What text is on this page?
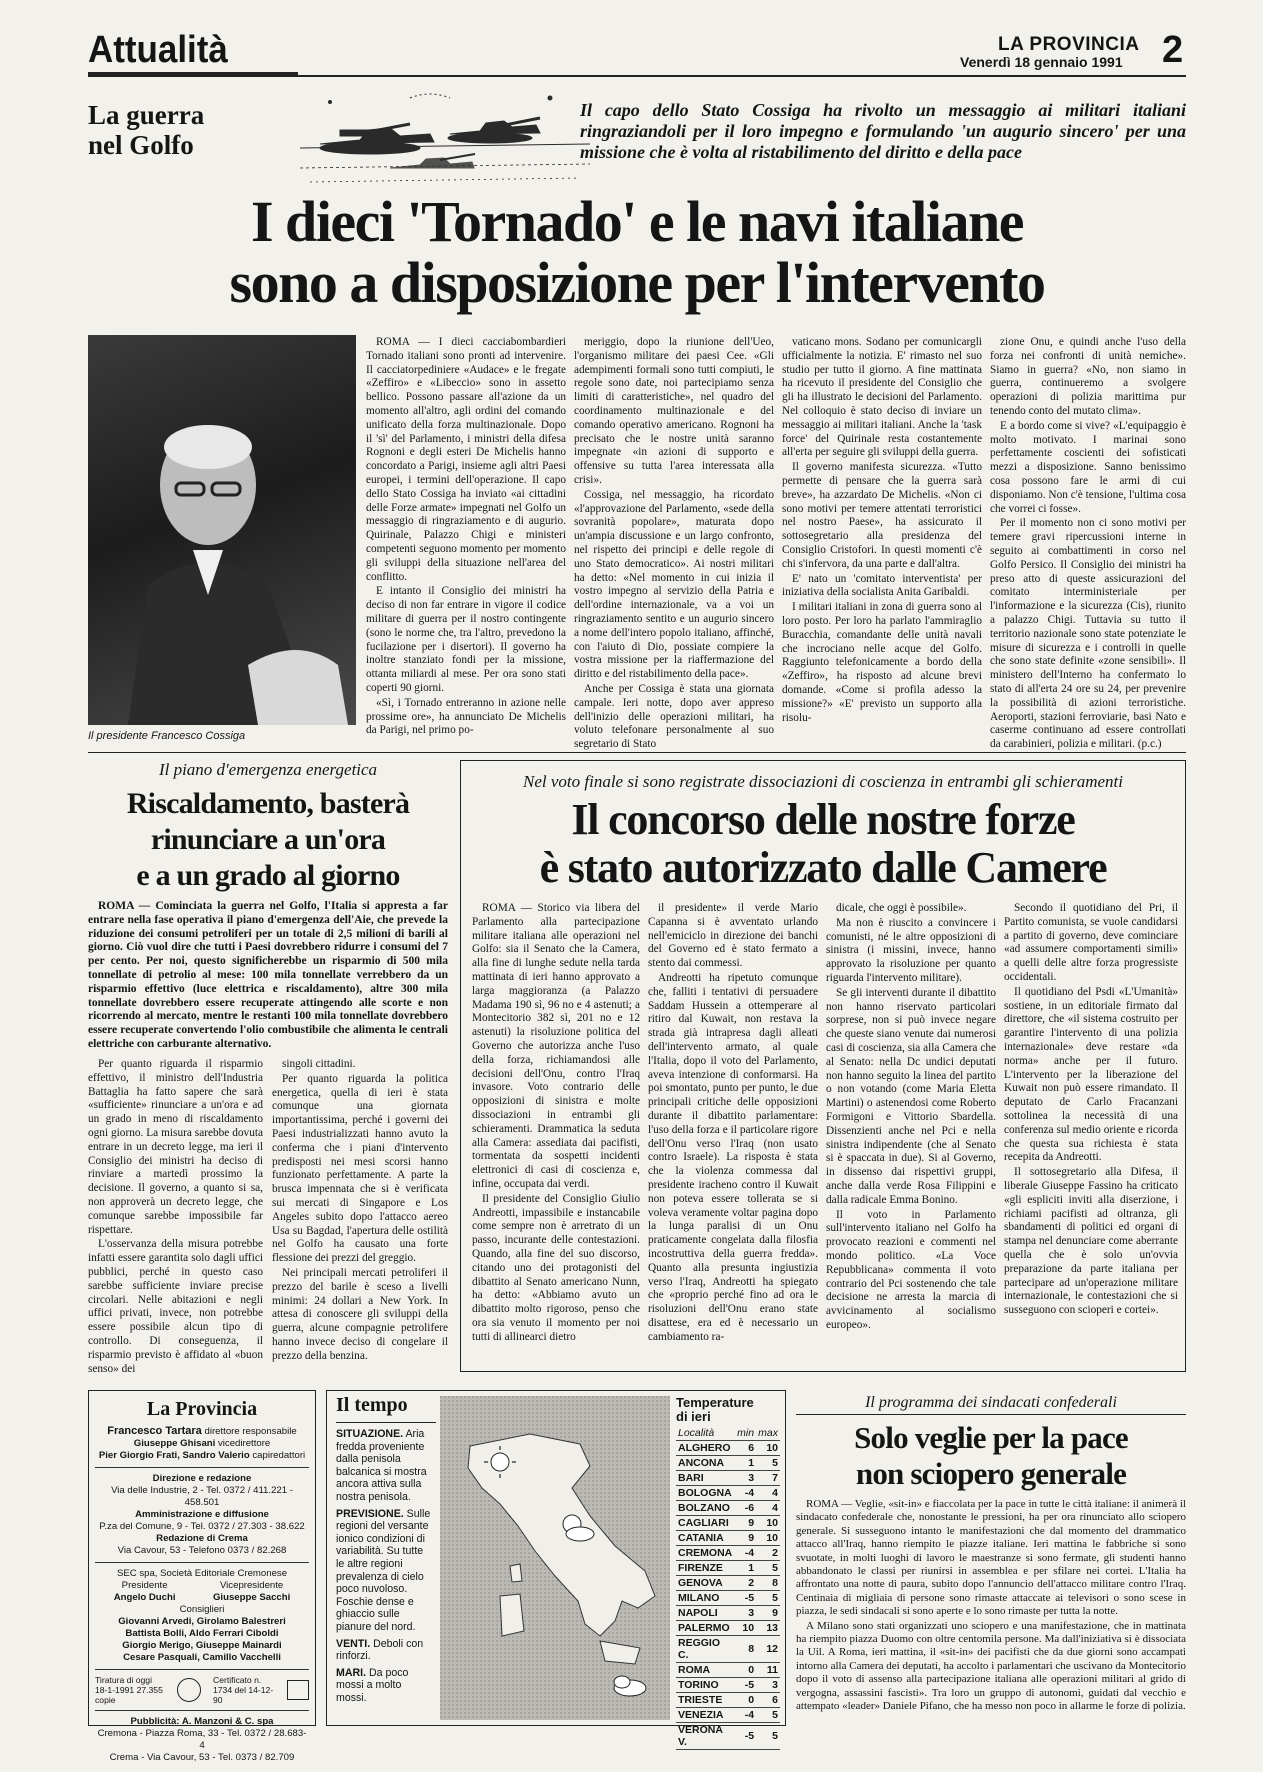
Attualità	LA PROVINCIA
Venerdì 18 gennaio 1991 2
La guerra
nel Golfo
Il capo dello Stato Cossiga ha rivolto un messaggio ai militari italiani ringraziandoli per il loro impegno e formulando 'un augurio sincero' per una missione che è volta al ristabilimento del diritto e della pace
I dieci 'Tornado' e le navi italiane
sono a disposizione per l'intervento
Il presidente Francesco Cossiga

ROMA — I dieci cacciabombardieri Tornado italiani sono pronti ad intervenire. Il cacciatorpediniere «Audace» e le fregate «Zeffiro» e «Libeccio» sono in assetto bellico. Possono passare all'azione da un momento all'altro, agli ordini del comando unificato della forza multinazionale. Dopo il 'sì' del Parlamento, i ministri della difesa Rognoni e degli esteri De Michelis hanno concordato a Parigi, insieme agli altri Paesi europei, i termini dell'operazione. Il capo dello Stato Cossiga ha inviato «ai cittadini delle Forze armate» impegnati nel Golfo un messaggio di ringraziamento e di augurio. Quirinale, Palazzo Chigi e ministeri competenti seguono momento per momento gli sviluppi della situazione nell'area del conflitto.

E intanto il Consiglio dei ministri ha deciso di non far entrare in vigore il codice militare di guerra per il nostro contingente (sono le norme che, tra l'altro, prevedono la fucilazione per i disertori). Il governo ha inoltre stanziato fondi per la missione, ottanta miliardi al mese. Per ora sono stati coperti 90 giorni.

«Sì, i Tornado entreranno in azione nelle prossime ore», ha annunciato De Michelis da Parigi, nel primo po-

meriggio, dopo la riunione dell'Ueo, l'organismo militare dei paesi Cee. «Gli adempimenti formali sono tutti compiuti, le regole sono date, noi partecipiamo senza limiti di caratteristiche», nel quadro del coordinamento multinazionale e del comando operativo americano. Rognoni ha precisato che le nostre unità saranno impegnate «in azioni di supporto e offensive su tutta l'area interessata alla crisi».

Cossiga, nel messaggio, ha ricordato «l'approvazione del Parlamento, «sede della sovranità popolare», maturata dopo un'ampia discussione e un largo confronto, nel rispetto dei principi e delle regole di uno Stato democratico». Ai nostri militari ha detto: «Nel momento in cui inizia il vostro impegno al servizio della Patria e dell'ordine internazionale, va a voi un ringraziamento sentito e un augurio sincero a nome dell'intero popolo italiano, affinché, con l'aiuto di Dio, possiate compiere la vostra missione per la riaffermazione del diritto e del ristabilimento della pace».

Anche per Cossiga è stata una giornata campale. Ieri notte, dopo aver appreso dell'inizio delle operazioni militari, ha voluto telefonare personalmente al suo segretario di Stato

vaticano mons. Sodano per comunicargli ufficialmente la notizia. E' rimasto nel suo studio per tutto il giorno. A fine mattinata ha ricevuto il presidente del Consiglio che gli ha illustrato le decisioni del Parlamento. Nel colloquio è stato deciso di inviare un messaggio ai militari italiani. Anche la 'task force' del Quirinale resta costantemente all'erta per seguire gli sviluppi della guerra.

Il governo manifesta sicurezza. «Tutto permette di pensare che la guerra sarà breve», ha azzardato De Michelis. «Non ci sono motivi per temere attentati terroristici nel nostro Paese», ha assicurato il sottosegretario alla presidenza del Consiglio Cristofori. In questi momenti c'è chi s'infervora, da una parte e dall'altra.

E' nato un 'comitato interventista' per iniziativa della socialista Anita Garibaldi.

I militari italiani in zona di guerra sono al loro posto. Per loro ha parlato l'ammiraglio Buracchia, comandante delle unità navali che incrociano nelle acque del Golfo. Raggiunto telefonicamente a bordo della «Zeffiro», ha risposto ad alcune brevi domande. «Come si profila adesso la missione?» «E' previsto un supporto alla risolu-

zione Onu, e quindi anche l'uso della forza nei confronti di unità nemiche». Siamo in guerra? «No, non siamo in guerra, continueremo a svolgere operazioni di polizia marittima pur tenendo conto del mutato clima».

E a bordo come si vive? «L'equipaggio è molto motivato. I marinai sono perfettamente coscienti dei sofisticati mezzi a disposizione. Sanno benissimo cosa possono fare le armi di cui disponiamo. Non c'è tensione, l'ultima cosa che vorrei ci fosse».

Per il momento non ci sono motivi per temere gravi ripercussioni interne in seguito ai combattimenti in corso nel Golfo Persico. Il Consiglio dei ministri ha preso atto di queste assicurazioni del comitato interministeriale per l'informazione e la sicurezza (Cis), riunito a palazzo Chigi. Tuttavia su tutto il territorio nazionale sono state potenziate le misure di sicurezza e i controlli in quelle che sono state definite «zone sensibili». Il ministero dell'Interno ha confermato lo stato di all'erta 24 ore su 24, per prevenire la possibilità di azioni terroristiche. Aeroporti, stazioni ferroviarie, basi Nato e caserme continuano ad essere controllati da carabinieri, polizia e militari. (p.c.)

Il piano d'emergenza energetica
Riscaldamento, basterà
rinunciare a un'ora
e a un grado al giorno

ROMA — Cominciata la guerra nel Golfo, l'Italia si appresta a far entrare nella fase operativa il piano d'emergenza dell'Aie, che prevede la riduzione dei consumi petroliferi per un totale di 2,5 milioni di barili al giorno. Ciò vuol dire che tutti i Paesi dovrebbero ridurre i consumi del 7 per cento. Per noi, questo significherebbe un risparmio di 500 mila tonnellate di petrolio al mese: 100 mila tonnellate verrebbero da un risparmio effettivo (luce elettrica e riscaldamento), altre 300 mila tonnellate dovrebbero essere recuperate attingendo alle scorte e non ricorrendo al mercato, mentre le restanti 100 mila tonnellate dovrebbero essere recuperate convertendo l'olio combustibile che alimenta le centrali elettriche con carburante alternativo.

Per quanto riguarda il risparmio effettivo, il ministro dell'Industria Battaglia ha fatto sapere che sarà «sufficiente» rinunciare a un'ora e ad un grado in meno di riscaldamento ogni giorno. La misura sarebbe dovuta entrare in un decreto legge, ma ieri il Consiglio dei ministri ha deciso di rinviare a martedì prossimo la decisione. Il governo, a quanto si sa, non approverà un decreto legge, che comunque sarebbe impossibile far rispettare.

L'osservanza della misura potrebbe infatti essere garantita solo dagli uffici pubblici, perché in questo caso sarebbe sufficiente inviare precise circolari. Nelle abitazioni e negli uffici privati, invece, non potrebbe essere possibile alcun tipo di controllo. Di conseguenza, il risparmio previsto è affidato al «buon senso» dei

singoli cittadini.

Per quanto riguarda la politica energetica, quella di ieri è stata comunque una giornata importantissima, perché i governi dei Paesi industrializzati hanno avuto la conferma che i piani d'intervento predisposti nei mesi scorsi hanno funzionato perfettamente. A parte la brusca impennata che si è verificata sui mercati di Singapore e Los Angeles subito dopo l'attacco aereo Usa su Bagdad, l'apertura delle ostilità nel Golfo ha causato una forte flessione dei prezzi del greggio.

Nei principali mercati petroliferi il prezzo del barile è sceso a livelli minimi: 24 dollari a New York. In attesa di conoscere gli sviluppi della guerra, alcune compagnie petrolifere hanno invece deciso di congelare il prezzo della benzina.

Nel voto finale si sono registrate dissociazioni di coscienza in entrambi gli schieramenti
Il concorso delle nostre forze
è stato autorizzato dalle Camere

ROMA — Storico via libera del Parlamento alla partecipazione militare italiana alle operazioni nel Golfo: sia il Senato che la Camera, alla fine di lunghe sedute nella tarda mattinata di ieri hanno approvato a larga maggioranza (a Palazzo Madama 190 sì, 96 no e 4 astenuti; a Montecitorio 382 sì, 201 no e 12 astenuti) la risoluzione politica del Governo che autorizza anche l'uso della forza, richiamandosi alle decisioni dell'Onu, contro l'Iraq invasore. Voto contrario delle opposizioni di sinistra e molte dissociazioni in entrambi gli schieramenti. Drammatica la seduta alla Camera: assediata dai pacifisti, tormentata da sospetti incidenti elettronici di casi di coscienza e, infine, occupata dai verdi.

Il presidente del Consiglio Giulio Andreotti, impassibile e instancabile come sempre non è arretrato di un passo, incurante delle contestazioni. Quando, alla fine del suo discorso, citando uno dei protagonisti del dibattito al Senato americano Nunn, ha detto: «Abbiamo avuto un dibattito molto rigoroso, penso che ora sia venuto il momento per noi tutti di allinearci dietro

il presidente» il verde Mario Capanna si è avventato urlando nell'emiciclo in direzione dei banchi del Governo ed è stato fermato a stento dai commessi.

Andreotti ha ripetuto comunque che, falliti i tentativi di persuadere Saddam Hussein a ottemperare al ritiro dal Kuwait, non restava la strada già intrapresa dagli alleati dell'intervento armato, al quale l'Italia, dopo il voto del Parlamento, aveva intenzione di conformarsi. Ha poi smontato, punto per punto, le due principali critiche delle opposizioni durante il dibattito parlamentare: l'uso della forza e il particolare rigore dell'Onu verso l'Iraq (non usato contro Israele). La risposta è stata che la violenza commessa dal presidente iracheno contro il Kuwait non poteva essere tollerata se si voleva veramente voltar pagina dopo la lunga paralisi di un Onu praticamente congelata dalla filosfia incostruttiva della guerra fredda». Quanto alla presunta ingiustizia verso l'Iraq, Andreotti ha spiegato che «proprio perché fino ad ora le risoluzioni dell'Onu erano state disattese, era ed è necessario un cambiamento ra-

dicale, che oggi è possibile».

Ma non è riuscito a convincere i comunisti, né le altre opposizioni di sinistra (i missini, invece, hanno approvato la risoluzione per quanto riguarda l'intervento militare).

Se gli interventi durante il dibattito non hanno riservato particolari sorprese, non si può invece negare che queste siano venute dai numerosi casi di coscienza, sia alla Camera che al Senato: nella Dc undici deputati non hanno seguito la linea del partito o non votando (come Maria Eletta Martini) o astenendosi come Roberto Formigoni e Vittorio Sbardella. Dissenzienti anche nel Pci e nella sinistra indipendente (che al Senato si è spaccata in due). Si al Governo, in dissenso dai rispettivi gruppi, anche dalla verde Rosa Filippini e dalla radicale Emma Bonino.

Il voto in Parlamento sull'intervento italiano nel Golfo ha provocato reazioni e commenti nel mondo politico. «La Voce Repubblicana» commenta il voto contrario del Pci sostenendo che tale decisione ne arresta la marcia di avvicinamento al socialismo europeo».

Secondo il quotidiano del Pri, il Partito comunista, se vuole candidarsi a partito di governo, deve cominciare «ad assumere comportamenti simili» a quelli delle altre forza progressiste occidentali.

Il quotidiano del Psdi «L'Umanità» sostiene, in un editoriale firmato dal direttore, che «il sistema costruito per garantire l'intervento di una polizia internazionale» deve restare «da norma» anche per il futuro. L'intervento per la liberazione del Kuwait non può essere rimandato. Il deputato de Carlo Fracanzani sottolinea la necessità di una conferenza sul medio oriente e ricorda che questa sua richiesta è stata recepita da Andreotti.

Il sottosegretario alla Difesa, il liberale Giuseppe Fassino ha criticato «gli espliciti inviti alla diserzione, i richiami pacifisti ad oltranza, gli sbandamenti di politici ed organi di stampa nel denunciare come aberrante quella che è solo un'ovvia preparazione da parte italiana per partecipare ad un'operazione militare internazionale, le contestazioni che si susseguono con scioperi e cortei».

La Provincia
Francesco Tartara direttore responsabile
Giuseppe Ghisani vicedirettore
Pier Giorgio Frati, Sandro Valerio capiredattori
Direzione e redazione
Via delle Industrie, 2 - Tel. 0372 / 411.221 - 458.501
Amministrazione e diffusione
P.za del Comune, 9 - Tel. 0372 / 27.303 - 38.622
Redazione di Crema
Via Cavour, 53 - Telefono 0373 / 82.268
SEC spa, Società Editoriale Cremonese
Presidente
Angelo Duchi
Vicepresidente
Giuseppe Sacchi
Consiglieri
Giovanni Arvedi, Girolamo Balestreri
Battista Bolli, Aldo Ferrari Ciboldi
Giorgio Merigo, Giuseppe Mainardi
Cesare Pasquali, Camillo Vacchelli
Tiratura di oggi 18-1-1991 27.355 copie
Certificato n. 1734 del 14-12-90
Pubblicità: A. Manzoni & C. spa
Cremona - Piazza Roma, 33 - Tel. 0372 / 28.683-4
Crema - Via Cavour, 53 - Tel. 0373 / 82.709
Il tempo
SITUAZIONE. Aria fredda proveniente dalla penisola balcanica si mostra ancora attiva sulla nostra penisola.
PREVISIONE. Sulle regioni del versante ionico condizioni di variabilità. Su tutte le altre regioni prevalenza di cielo poco nuvoloso. Foschie dense e ghiaccio sulle pianure del nord.
VENTI. Deboli con rinforzi.
MARI. Da poco mossi a molto mossi.
Temperature
di ieri
Località	min	max
ALGHERO	6	10
ANCONA	1	5
BARI	3	7
BOLOGNA	-4	4
BOLZANO	-6	4
CAGLIARI	9	10
CATANIA	9	10
CREMONA	-4	2
FIRENZE	1	5
GENOVA	2	8
MILANO	-5	5
NAPOLI	3	9
PALERMO	10	13
REGGIO C.	8	12
ROMA	0	11
TORINO	-5	3
TRIESTE	0	6
VENEZIA	-4	5
VERONA V.	-5	5
Il programma dei sindacati confederali
Solo veglie per la pace
non sciopero generale

ROMA — Veglie, «sit-in» e fiaccolata per la pace in tutte le città italiane: il animerà il sindacato confederale che, nonostante le pressioni, ha per ora rinunciato allo sciopero generale. Si susseguono intanto le manifestazioni che dal momento del drammatico attacco all'Iraq, hanno riempito le piazze italiane. Ieri mattina le fabbriche si sono svuotate, in molti luoghi di lavoro le maestranze si sono fermate, gli studenti hanno abbandonato le classi per riunirsi in assemblea e per sfilare nei cortei. L'Italia ha affrontato una notte di paura, subito dopo l'annuncio dell'attacco militare contro l'Iraq. Centinaia di migliaia di persone sono rimaste attaccate ai televisori o sono scese in piazza, le sedi sindacali si sono aperte e lo sono rimaste per tutta la notte.

A Milano sono stati organizzati uno sciopero e una manifestazione, che in mattinata ha riempito piazza Duomo con oltre centomila persone. Ma dall'iniziativa si è dissociata la Uil. A Roma, ieri mattina, il «sit-in» dei pacifisti che da due giorni sono accampati intorno alla Camera dei deputati, ha accolto i parlamentari che uscivano da Montecitorio dopo il voto di assenso alla partecipazione italiana alle operazioni militari al grido di vergogna, assassini fascisti». Tra loro un gruppo di autonomi, guidati dal vecchio e attempato «leader» Daniele Pifano, che ha messo non poco in allarme le forze di polizia.
